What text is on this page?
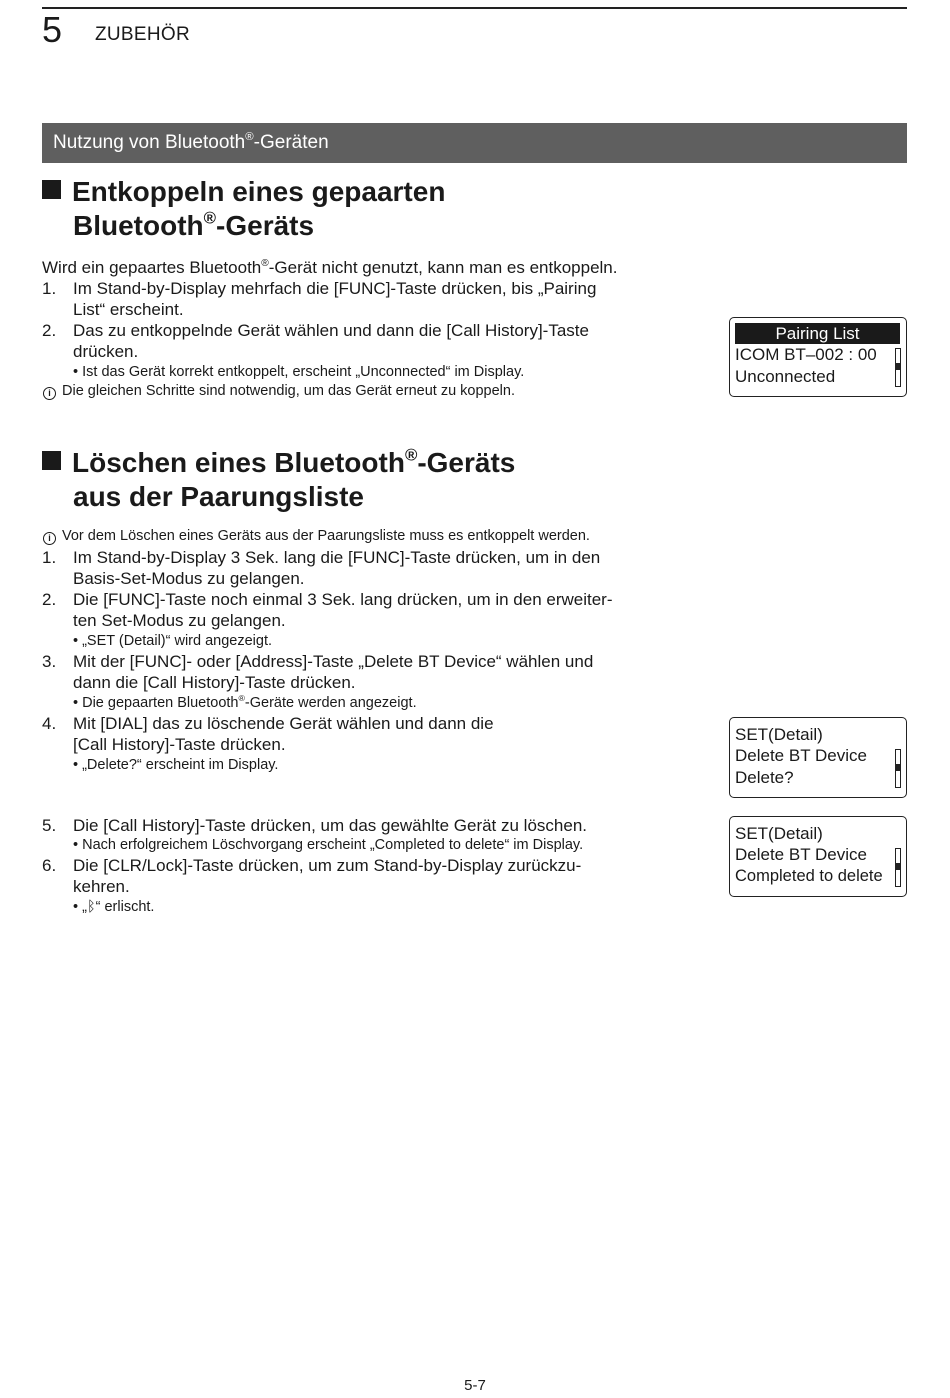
5 ZUBEHÖR
Nutzung von Bluetooth®-Geräten
Entkoppeln eines gepaarten
Bluetooth®-Geräts
Wird ein gepaartes Bluetooth®-Gerät nicht genutzt, kann man es entkoppeln.
1. Im Stand-by-Display mehrfach die [FUNC]-Taste drücken, bis „Pairing
List“ erscheint.
2. Das zu entkoppelnde Gerät wählen und dann die [Call History]-Taste
drücken.
• Ist das Gerät korrekt entkoppelt, erscheint „Unconnected“ im Display.
i Die gleichen Schritte sind notwendig, um das Gerät erneut zu koppeln.
Pairing List
ICOM BT–002 : 00
Unconnected
Löschen eines Bluetooth®-Geräts
aus der Paarungsliste
i Vor dem Löschen eines Geräts aus der Paarungsliste muss es entkoppelt werden.
1. Im Stand-by-Display 3 Sek. lang die [FUNC]-Taste drücken, um in den
Basis-Set-Modus zu gelangen.
2. Die [FUNC]-Taste noch einmal 3 Sek. lang drücken, um in den erweiter-
ten Set-Modus zu gelangen.
• „SET (Detail)“ wird angezeigt.
3. Mit der [FUNC]- oder [Address]-Taste „Delete BT Device“ wählen und
dann die [Call History]-Taste drücken.
• Die gepaarten Bluetooth®-Geräte werden angezeigt.
4. Mit [DIAL] das zu löschende Gerät wählen und dann die
[Call History]-Taste drücken.
• „Delete?“ erscheint im Display.
5. Die [Call History]-Taste drücken, um das gewählte Gerät zu löschen.
• Nach erfolgreichem Löschvorgang erscheint „Completed to delete“ im Display.
6. Die [CLR/Lock]-Taste drücken, um zum Stand-by-Display zurückzu-
kehren.
• „ᛒ“ erlischt.
SET(Detail)
Delete BT Device
Delete?
SET(Detail)
Delete BT Device
Completed to delete
5-7
